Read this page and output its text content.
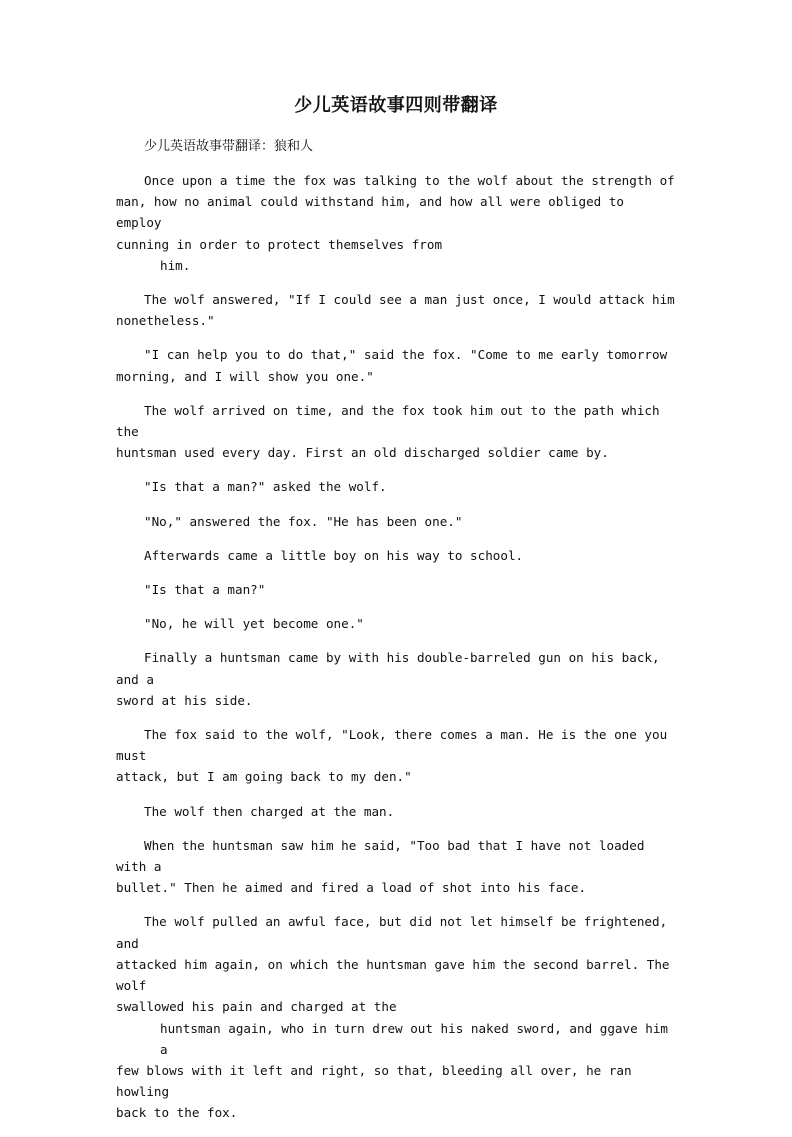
少儿英语故事四则带翻译
少儿英语故事带翻译：狼和人
Once upon a time the fox was talking to the wolf about the strength of
man, how no animal could withstand him, and how all were obliged to employ
cunning in order to protect themselves from
him.
The wolf answered, "If I could see a man just once, I would attack him
nonetheless."
"I can help you to do that," said the fox. "Come to me early tomorrow
morning, and I will show you one."
The wolf arrived on time, and the fox took him out to the path which the
huntsman used every day. First an old discharged soldier came by.
"Is that a man?" asked the wolf.
"No," answered the fox. "He has been one."
Afterwards came a little boy on his way to school.
"Is that a man?"
"No, he will yet become one."
Finally a huntsman came by with his double-barreled gun on his back, and a
sword at his side.
The fox said to the wolf, "Look, there comes a man. He is the one you must
attack, but I am going back to my den."
The wolf then charged at the man.
When the huntsman saw him he said, "Too bad that I have not loaded with a
bullet." Then he aimed and fired a load of shot into his face.
The wolf pulled an awful face, but did not let himself be frightened, and
attacked him again, on which the huntsman gave him the second barrel. The wolf
swallowed his pain and charged at the
huntsman again, who in turn drew out his naked sword, and ggave him a
few blows with it left and right, so that, bleeding all over, he ran howling
back to the fox.
